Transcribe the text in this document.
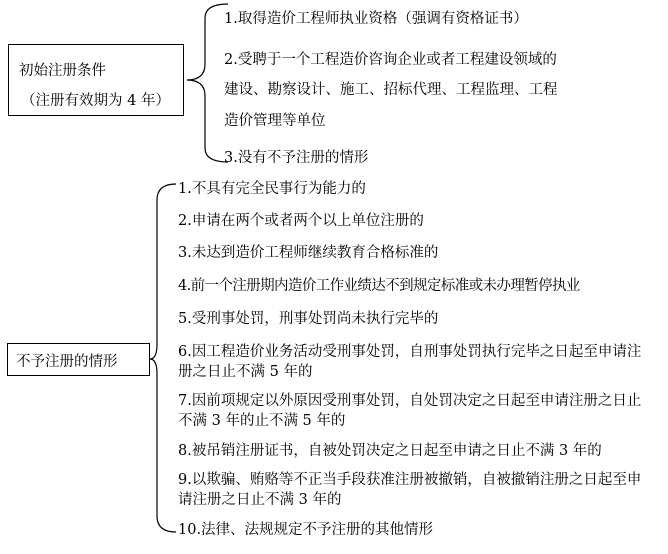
初始注册条件
（注册有效期为 4 年）
1.取得造价工程师执业资格（强调有资格证书）
2.受聘于一个工程造价咨询企业或者工程建设领域的
建设、勘察设计、施工、招标代理、工程监理、工程
造价管理等单位
3.没有不予注册的情形
不予注册的情形
1.不具有完全民事行为能力的
2.申请在两个或者两个以上单位注册的
3.未达到造价工程师继续教育合格标准的
4.前一个注册期内造价工作业绩达不到规定标准或未办理暂停执业
5.受刑事处罚，刑事处罚尚未执行完毕的
6.因工程造价业务活动受刑事处罚，自刑事处罚执行完毕之日起至申请注册之日止不满 5 年的
7.因前项规定以外原因受刑事处罚，自处罚决定之日起至申请注册之日止不满 3 年的止不满 5 年的
8.被吊销注册证书，自被处罚决定之日起至申请之日止不满 3 年的
9.以欺骗、贿赂等不正当手段获准注册被撤销，自被撤销注册之日起至申请注册之日止不满 3 年的
10.法律、法规规定不予注册的其他情形
